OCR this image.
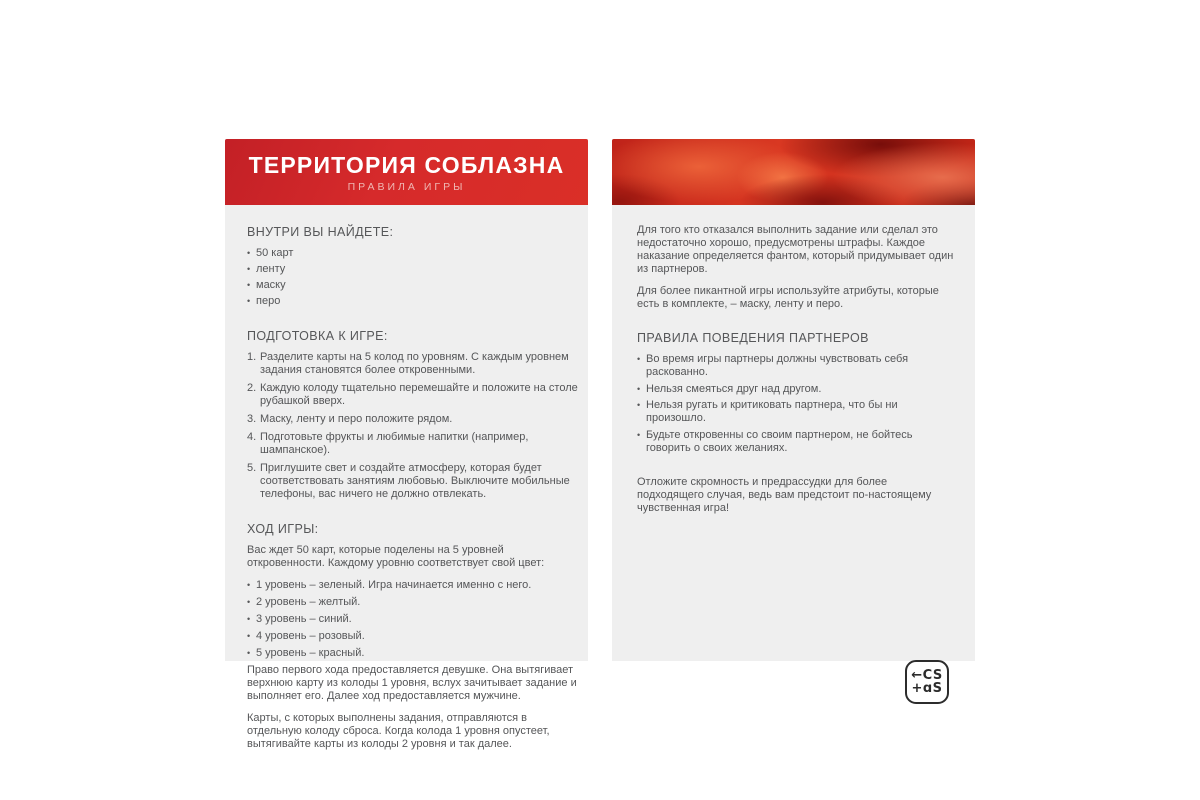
ТЕРРИТОРИЯ СОБЛАЗНА
ПРАВИЛА ИГРЫ
ВНУТРИ ВЫ НАЙДЕТЕ:
• 50 карт
• ленту
• маску
• перо
ПОДГОТОВКА К ИГРЕ:
Разделите карты на 5 колод по уровням. С каждым уровнем задания становятся более откровенными.
Каждую колоду тщательно перемешайте и положите на столе рубашкой вверх.
Маску, ленту и перо положите рядом.
Подготовьте фрукты и любимые напитки (например, шампанское).
Приглушите свет и создайте атмосферу, которая будет соответствовать занятиям любовью. Выключите мобильные телефоны, вас ничего не должно отвлекать.
ХОД ИГРЫ:

Вас ждет 50 карт, которые поделены на 5 уровней откровенности. Каждому уровню соответствует свой цвет:

• 1 уровень – зеленый. Игра начинается именно с него.
• 2 уровень – желтый.
• 3 уровень – синий.
• 4 уровень – розовый.
• 5 уровень – красный.

Право первого хода предоставляется девушке. Она вытягивает верхнюю карту из колоды 1 уровня, вслух зачитывает задание и выполняет его. Далее ход предоставляется мужчине.

Карты, с которых выполнены задания, отправляются в отдельную колоду сброса. Когда колода 1 уровня опустеет, вытягивайте карты из колоды 2 уровня и так далее.

Для того кто отказался выполнить задание или сделал это недостаточно хорошо, предусмотрены штрафы. Каждое наказание определяется фантом, который придумывает один из партнеров.

Для более пикантной игры используйте атрибуты, которые есть в комплекте, – маску, ленту и перо.

ПРАВИЛА ПОВЕДЕНИЯ ПАРТНЕРОВ
• Во время игры партнеры должны чувствовать себя раскованно.
• Нельзя смеяться друг над другом.
• Нельзя ругать и критиковать партнера, что бы ни произошло.
• Будьте откровенны со своим партнером, не бойтесь говорить о своих желаниях.

Отложите скромность и предрассудки для более подходящего случая, ведь вам предстоит по-настоящему чувственная игра!

←CS
+ɑS
